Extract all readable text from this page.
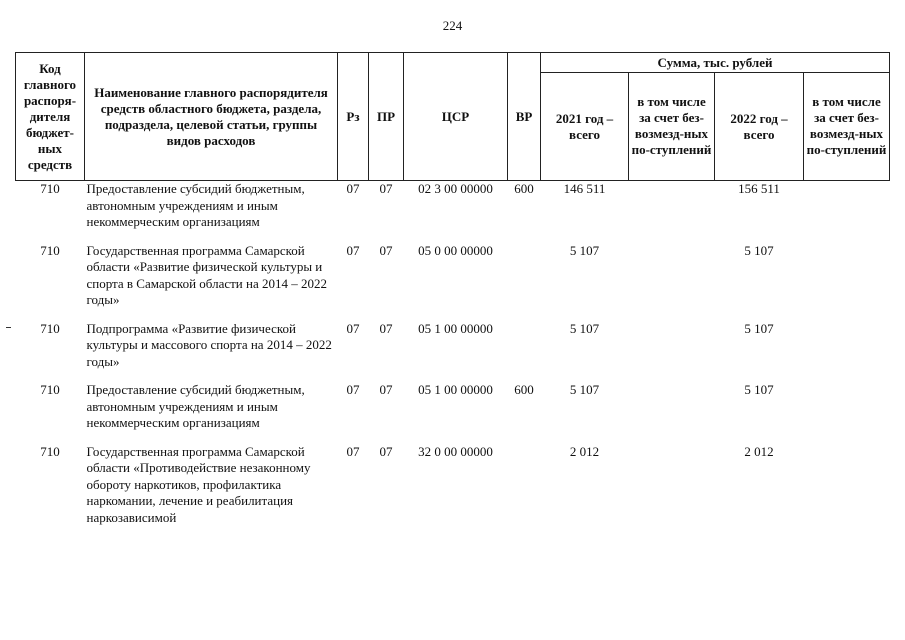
224
Код главного распоря-дителя бюджет-ных средств	Наименование главного распорядителя средств областного бюджета, раздела, подраздела, целевой статьи, группы видов расходов	Рз	ПР	ЦСР	ВР	Сумма, тыс. рублей			
						2021 год – всего	в том числе за счет без-возмезд-ных по-ступлений	2022 год – всего	в том числе за счет без-возмезд-ных по-ступлений
710	Предоставление субсидий бюджетным, автономным учреждениям и иным некоммерческим организациям	07	07	02 3 00 00000	600	146 511		156 511	
710	Государственная программа Самарской области «Развитие физической культуры и спорта в Самарской области на 2014 – 2022 годы»	07	07	05 0 00 00000		5 107		5 107	
710	Подпрограмма «Развитие физической культуры и массового спорта на 2014 – 2022 годы»	07	07	05 1 00 00000		5 107		5 107	
710	Предоставление субсидий бюджетным, автономным учреждениям и иным некоммерческим организациям	07	07	05 1 00 00000	600	5 107		5 107	
710	Государственная программа Самарской области «Противодействие незаконному обороту наркотиков, профилактика наркомании, лечение и реабилитация наркозависимой	07	07	32 0 00 00000		2 012		2 012	
